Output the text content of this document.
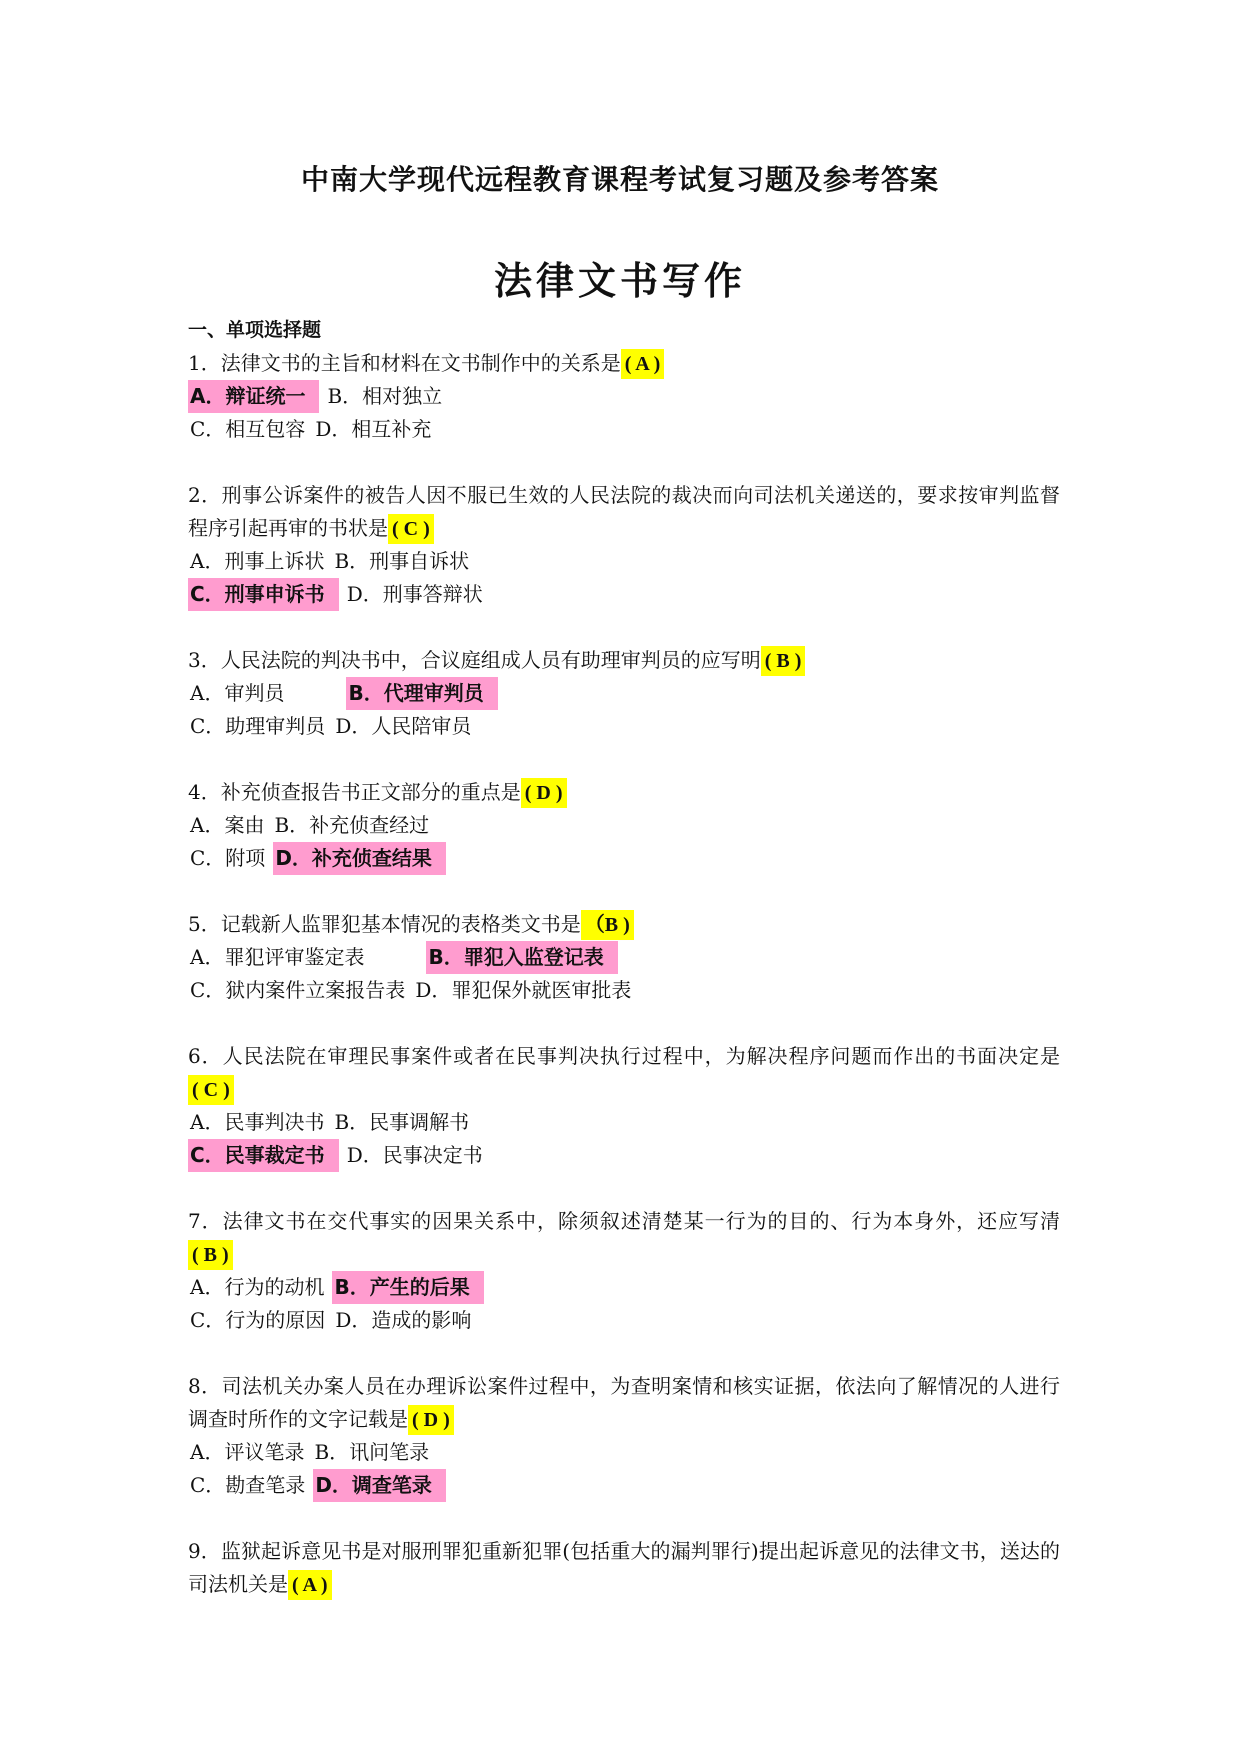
中南大学现代远程教育课程考试复习题及参考答案
法律文书写作
一、单项选择题
1．法律文书的主旨和材料在文书制作中的关系是 ( A )
A．辩证统一 B．相对独立
C．相互包容 D．相互补充
2．刑事公诉案件的被告人因不服已生效的人民法院的裁决而向司法机关递送的，要求按审判监督程序引起再审的书状是 ( C )
A．刑事上诉状 B．刑事自诉状
C．刑事申诉书 D．刑事答辩状
3．人民法院的判决书中，合议庭组成人员有助理审判员的应写明 ( B )
A．审判员	B．代理审判员
C．助理审判员 D．人民陪审员
4．补充侦查报告书正文部分的重点是 ( D )
A．案由 B．补充侦查经过
C．附项 D．补充侦查结果
5．记载新人监罪犯基本情况的表格类文书是 （B )
A．罪犯评审鉴定表	B．罪犯入监登记表
C．狱内案件立案报告表 D．罪犯保外就医审批表
6．人民法院在审理民事案件或者在民事判决执行过程中，为解决程序问题而作出的书面决定是( C )
A．民事判决书 B．民事调解书
C．民事裁定书 D．民事决定书
7．法律文书在交代事实的因果关系中，除须叙述清楚某一行为的目的、行为本身外，还应写清( B )
A．行为的动机 B．产生的后果
C．行为的原因 D．造成的影响
8．司法机关办案人员在办理诉讼案件过程中，为查明案情和核实证据，依法向了解情况的人进行调查时所作的文字记载是 ( D )
A．评议笔录 B．讯问笔录
C．勘查笔录 D．调查笔录
9．监狱起诉意见书是对服刑罪犯重新犯罪(包括重大的漏判罪行)提出起诉意见的法律文书，送达的司法机关是 ( A )
